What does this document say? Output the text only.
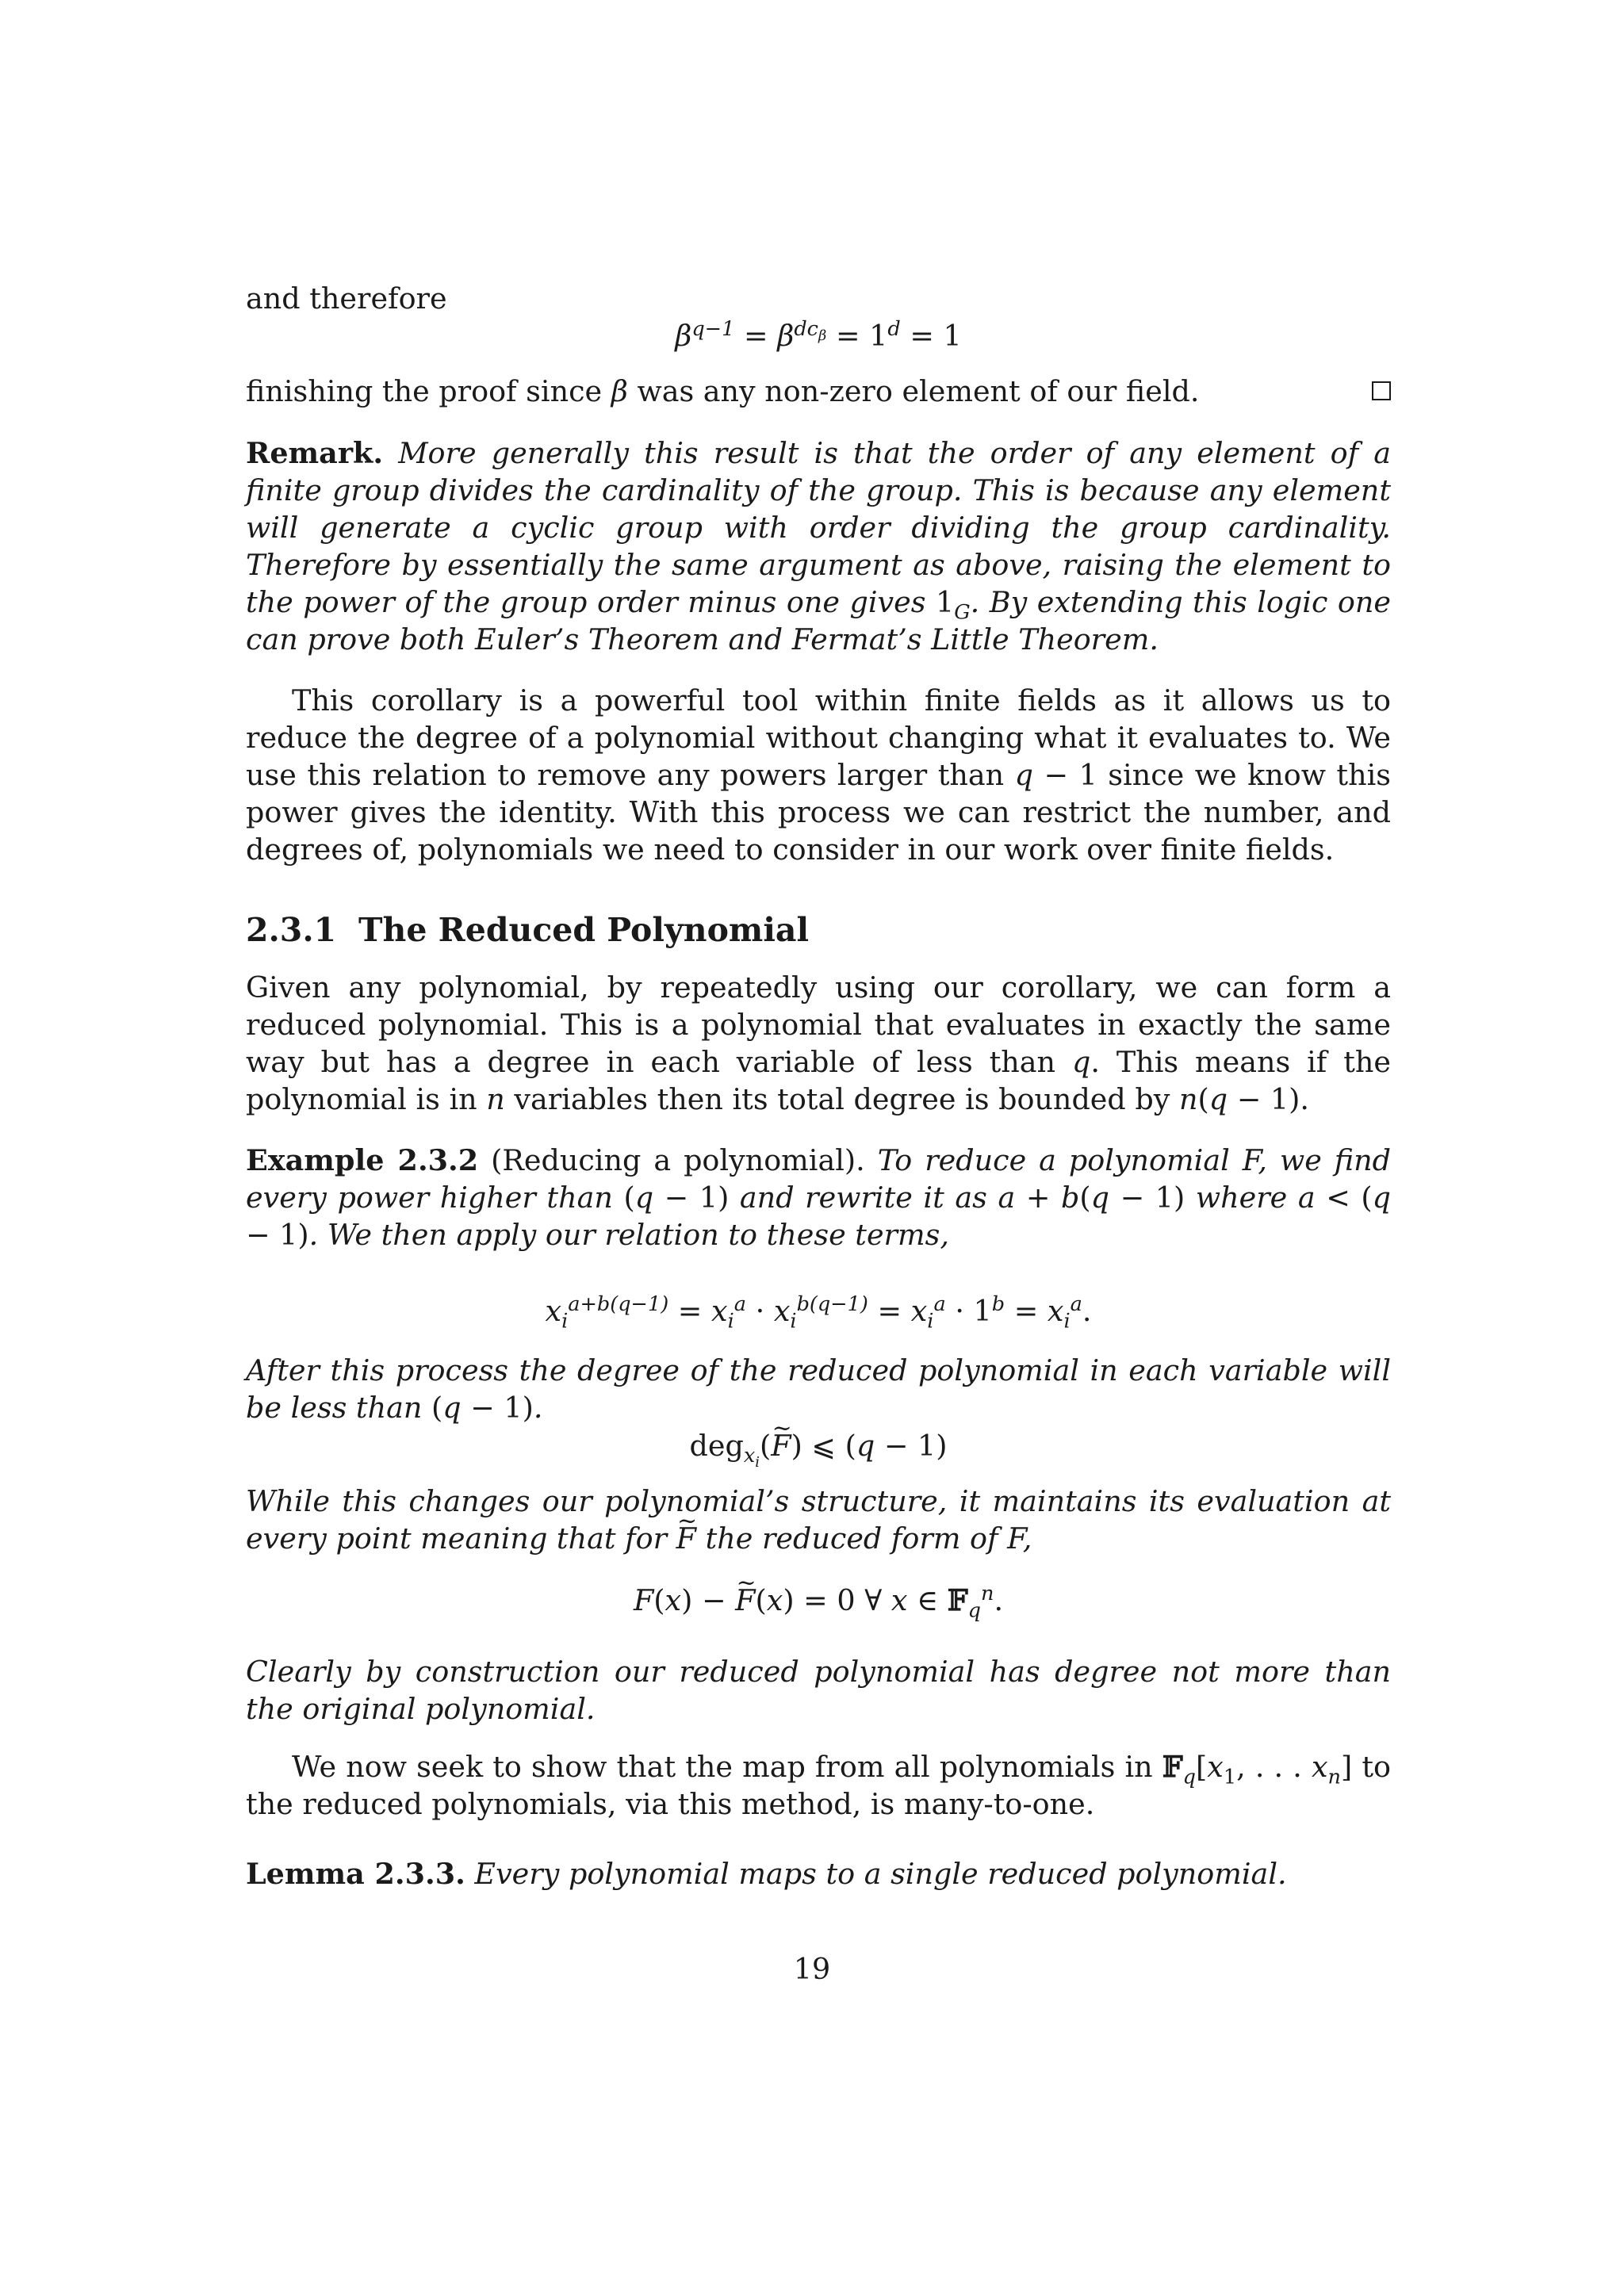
and therefore
$\beta^{q-1} = \beta^{dc_\beta} = 1^d = 1$
finishing the proof since β was any non-zero element of our field.
Remark. More generally this result is that the order of any element of a finite group divides the cardinality of the group. This is because any element will generate a cyclic group with order dividing the group cardinality. Therefore by essentially the same argument as above, raising the element to the power of the group order minus one gives $1_G$. By extending this logic one can prove both Euler’s Theorem and Fermat’s Little Theorem.
This corollary is a powerful tool within finite fields as it allows us to reduce the degree of a polynomial without changing what it evaluates to. We use this relation to remove any powers larger than q − 1 since we know this power gives the identity. With this process we can restrict the number, and degrees of, polynomials we need to consider in our work over finite fields.
2.3.1 The Reduced Polynomial
Given any polynomial, by repeatedly using our corollary, we can form a reduced polynomial. This is a polynomial that evaluates in exactly the same way but has a degree in each variable of less than q. This means if the polynomial is in n variables then its total degree is bounded by n(q − 1).
Example 2.3.2 (Reducing a polynomial). To reduce a polynomial F, we find every power higher than (q − 1) and rewrite it as a + b(q − 1) where a < (q − 1). We then apply our relation to these terms,
$x_i^{a+b(q-1)} = x_i^a \cdot x_i^{b(q-1)} = x_i^a \cdot 1^b = x_i^a$.
After this process the degree of the reduced polynomial in each variable will be less than (q − 1).
deg$_{x_i}$(F ~) ⩽ (q − 1)
While this changes our polynomial’s structure, it maintains its evaluation at every point meaning that for F ~ the reduced form of F,
F(x) − F ~(x) = 0 ∀ x ∈ 𝔽$_q^n$.
Clearly by construction our reduced polynomial has degree not more than the original polynomial.
We now seek to show that the map from all polynomials in $𝔽_q[x_1$, . . . $x_n$] to the reduced polynomials, via this method, is many-to-one.
Lemma 2.3.3. Every polynomial maps to a single reduced polynomial.
19
